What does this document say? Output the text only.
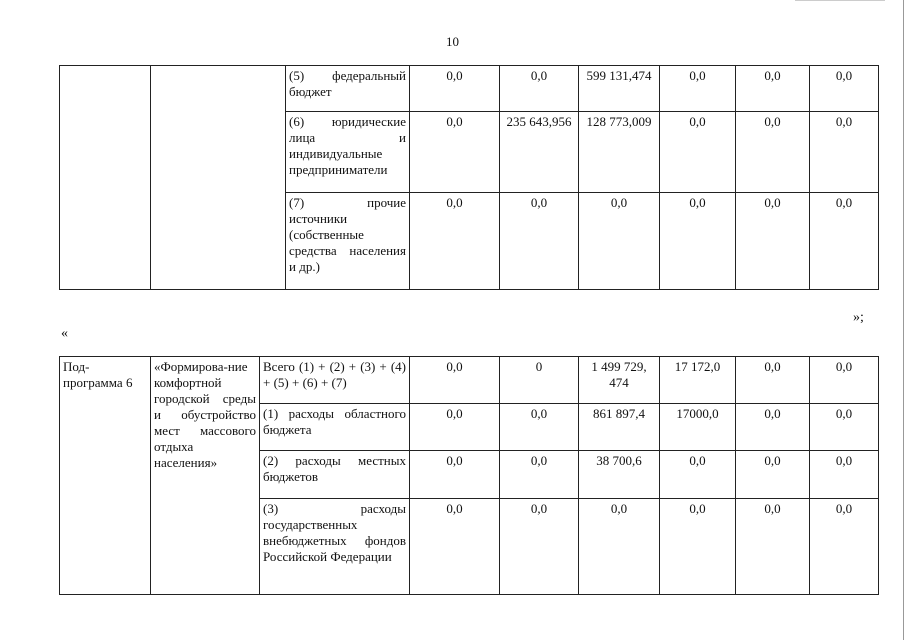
10
		(5) федеральный бюджет	0,0	0,0	599 131,474	0,0	0,0	0,0
		(6) юридические лица и индивидуальные предприниматели	0,0	235 643,956	128 773,009	0,0	0,0	0,0
		(7) прочие источники (собственные средства населения и др.)	0,0	0,0	0,0	0,0	0,0	0,0
»;
«
Под-программа 6	«Формирова-ние комфортной городской среды и обустройство мест массового отдыха населения»	Всего (1) + (2) + (3) + (4) + (5) + (6) + (7)	0,0	0	1 499 729, 474	17 172,0	0,0	0,0
		(1) расходы областного бюджета	0,0	0,0	861 897,4	17000,0	0,0	0,0
		(2) расходы местных бюджетов	0,0	0,0	38 700,6	0,0	0,0	0,0
		(3) расходы государственных внебюджетных фондов Российской Федерации	0,0	0,0	0,0	0,0	0,0	0,0
